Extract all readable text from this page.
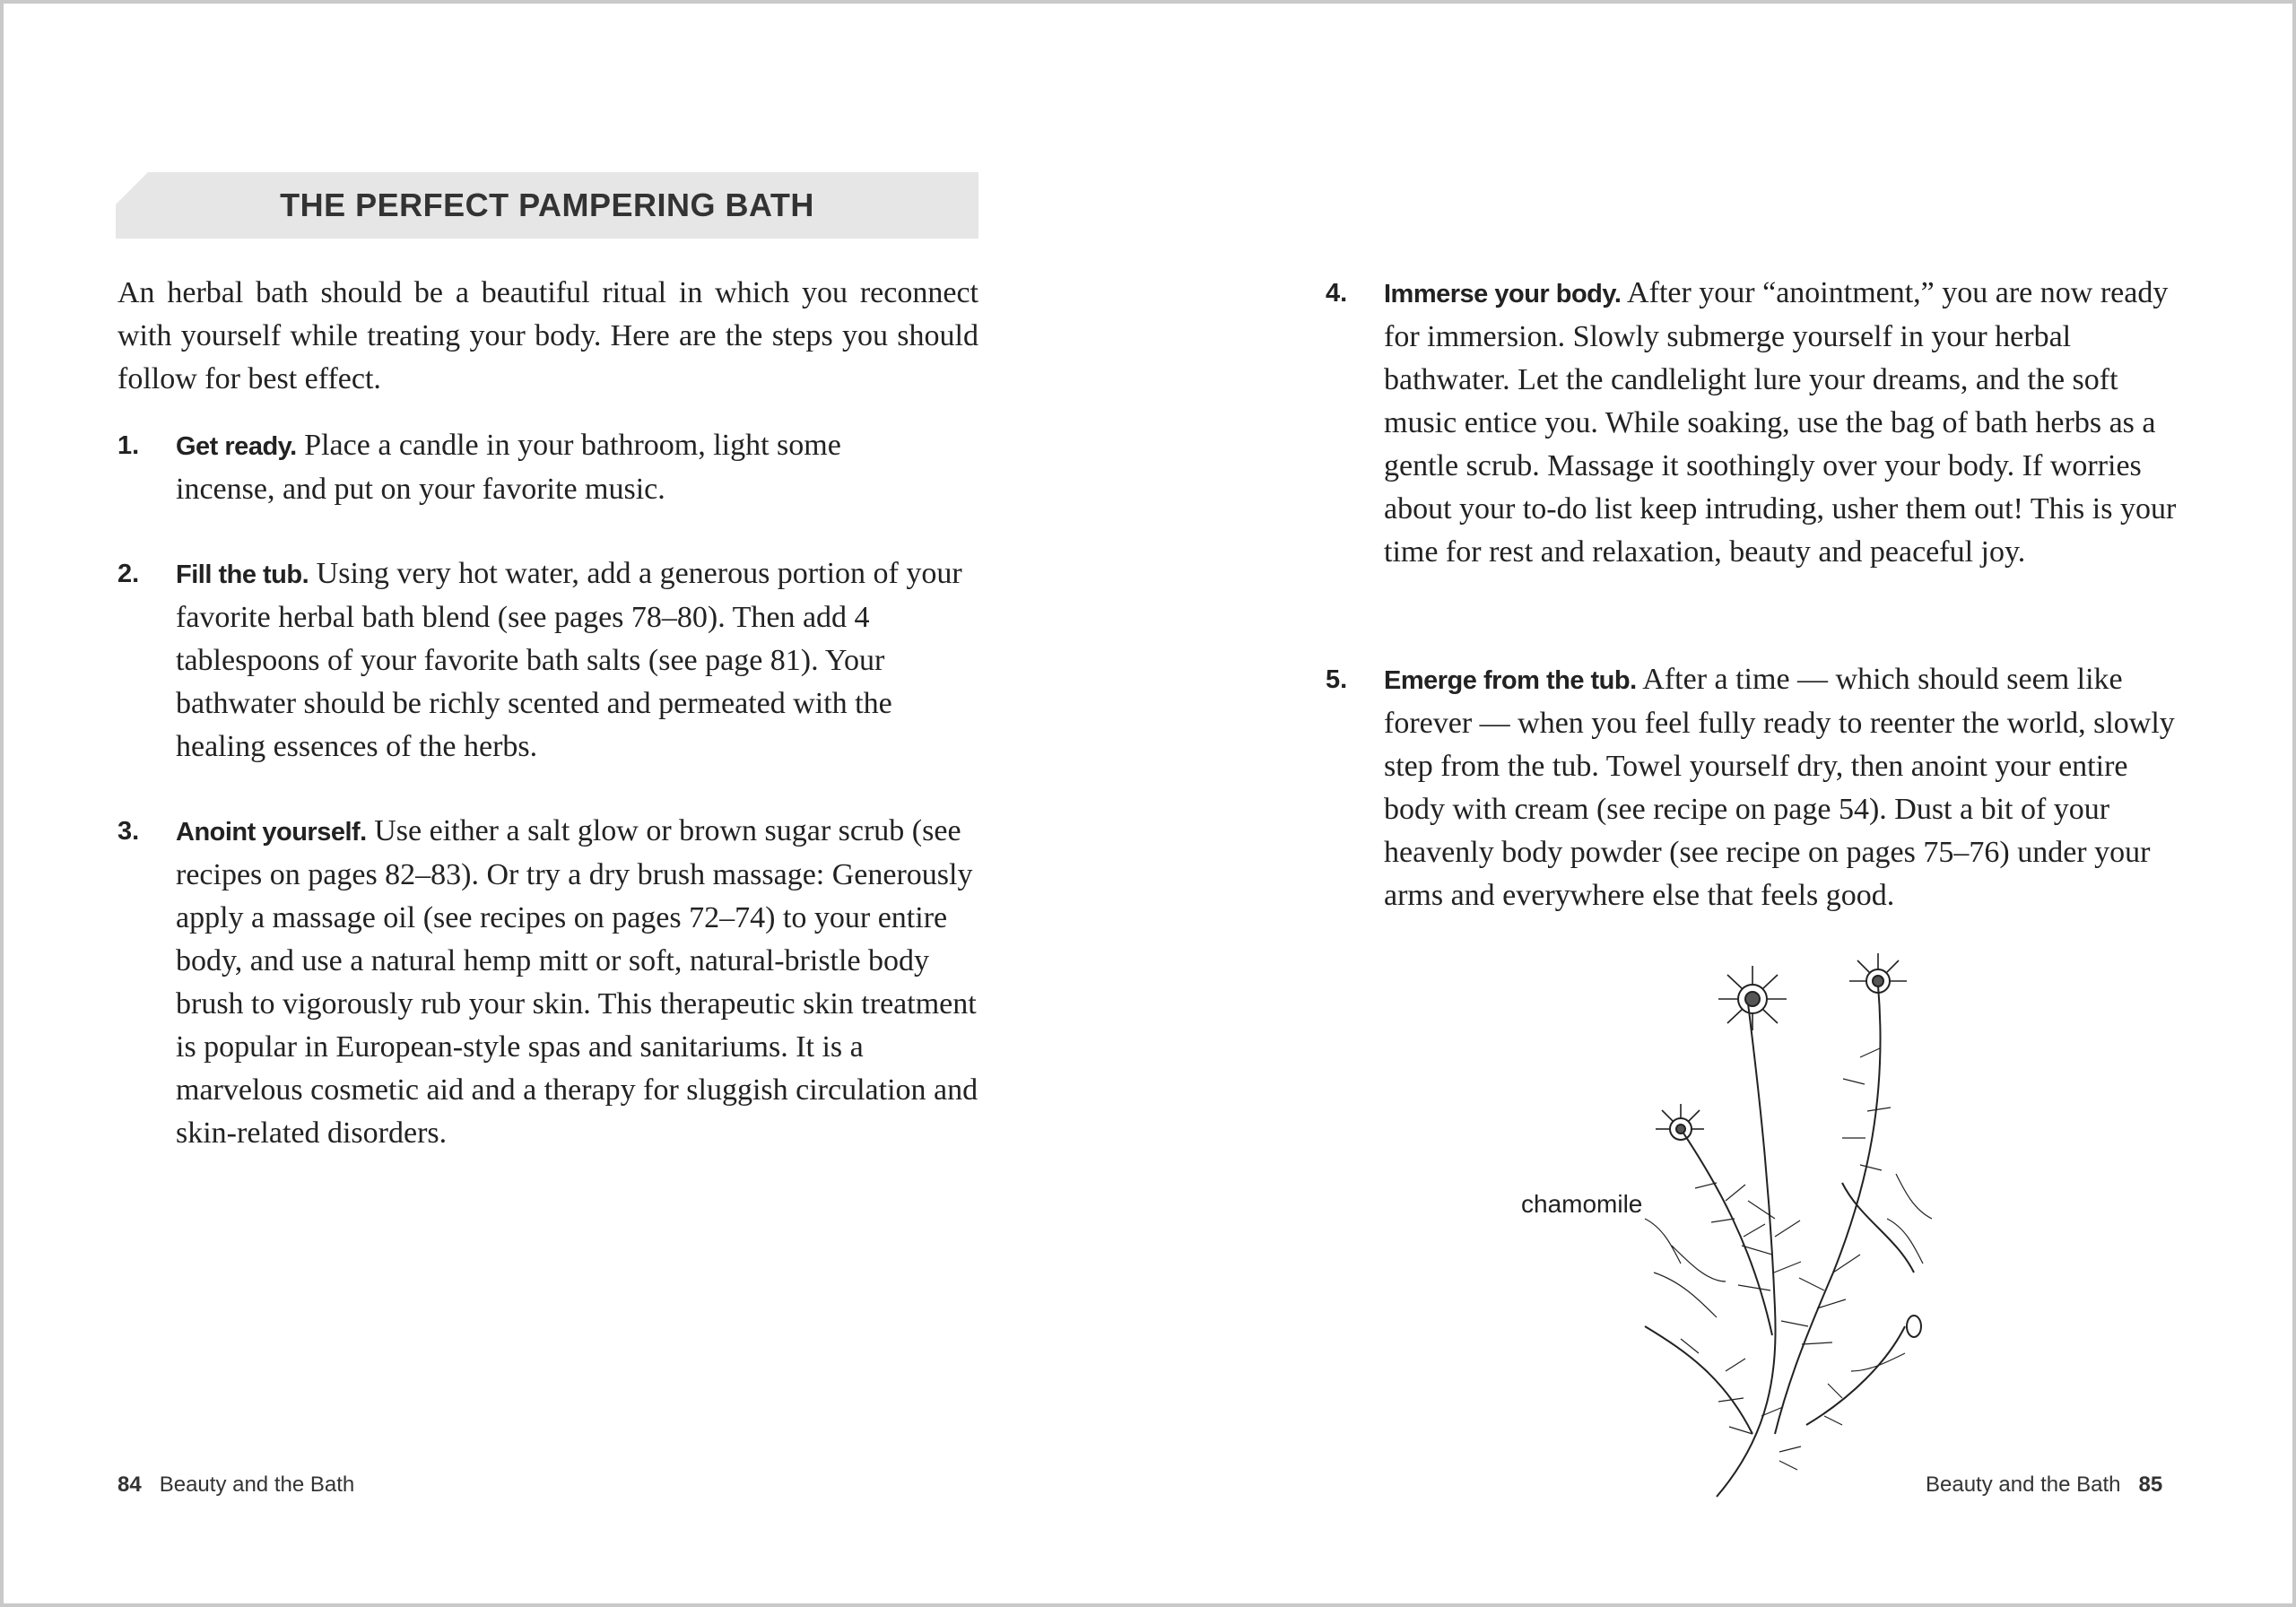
THE PERFECT PAMPERING BATH
An herbal bath should be a beautiful ritual in which you reconnect with yourself while treating your body. Here are the steps you should follow for best effect.
1.	Get ready. Place a candle in your bathroom, light some incense, and put on your favorite music.
2.	Fill the tub. Using very hot water, add a generous portion of your favorite herbal bath blend (see pages 78–80). Then add 4 tablespoons of your favorite bath salts (see page 81). Your bathwater should be richly scented and permeated with the healing essences of the herbs.
3.	Anoint yourself. Use either a salt glow or brown sugar scrub (see recipes on pages 82–83). Or try a dry brush massage: Generously apply a massage oil (see recipes on pages 72–74) to your entire body, and use a natural hemp mitt or soft, natural-bristle body brush to vigorously rub your skin. This therapeutic skin treatment is popular in European-style spas and sanitariums. It is a marvelous cosmetic aid and a therapy for sluggish circulation and skin-related disorders.
84 Beauty and the Bath
4.	Immerse your body. After your “anointment,” you are now ready for immersion. Slowly submerge yourself in your herbal bathwater. Let the candlelight lure your dreams, and the soft music entice you. While soaking, use the bag of bath herbs as a gentle scrub. Massage it soothingly over your body. If worries about your to-do list keep intruding, usher them out! This is your time for rest and relaxation, beauty and peaceful joy.
5.	Emerge from the tub. After a time — which should seem like forever — when you feel fully ready to reenter the world, slowly step from the tub. Towel yourself dry, then anoint your entire body with cream (see recipe on page 54). Dust a bit of your heavenly body powder (see recipe on pages 75–76) under your arms and everywhere else that feels good.
Beauty and the Bath 85
chamomile
